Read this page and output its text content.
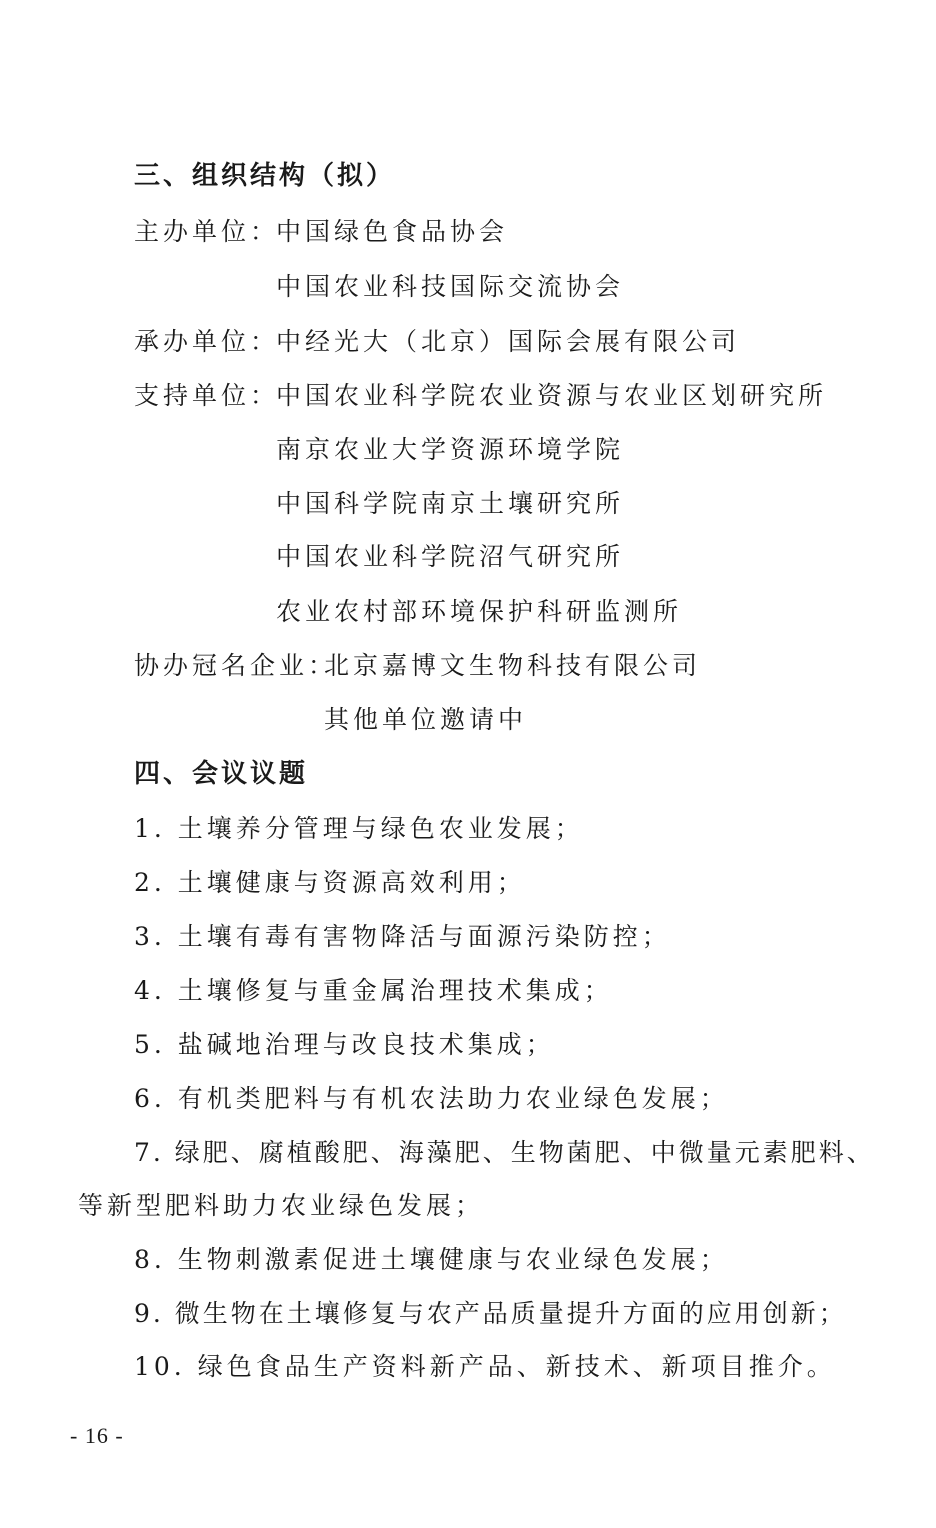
三、组织结构（拟）
主办单位：
中国绿色食品协会
中国农业科技国际交流协会
承办单位：
中经光大（北京）国际会展有限公司
支持单位：
中国农业科学院农业资源与农业区划研究所
南京农业大学资源环境学院
中国科学院南京土壤研究所
中国农业科学院沼气研究所
农业农村部环境保护科研监测所
协办冠名企业：
北京嘉博文生物科技有限公司
其他单位邀请中
四、会议议题
1. 土壤养分管理与绿色农业发展；
2. 土壤健康与资源高效利用；
3. 土壤有毒有害物降活与面源污染防控；
4. 土壤修复与重金属治理技术集成；
5. 盐碱地治理与改良技术集成；
6. 有机类肥料与有机农法助力农业绿色发展；
7. 绿肥、腐植酸肥、海藻肥、生物菌肥、中微量元素肥料、
等新型肥料助力农业绿色发展；
8. 生物刺激素促进土壤健康与农业绿色发展；
9. 微生物在土壤修复与农产品质量提升方面的应用创新；
10. 绿色食品生产资料新产品、新技术、新项目推介。
- 16 -
